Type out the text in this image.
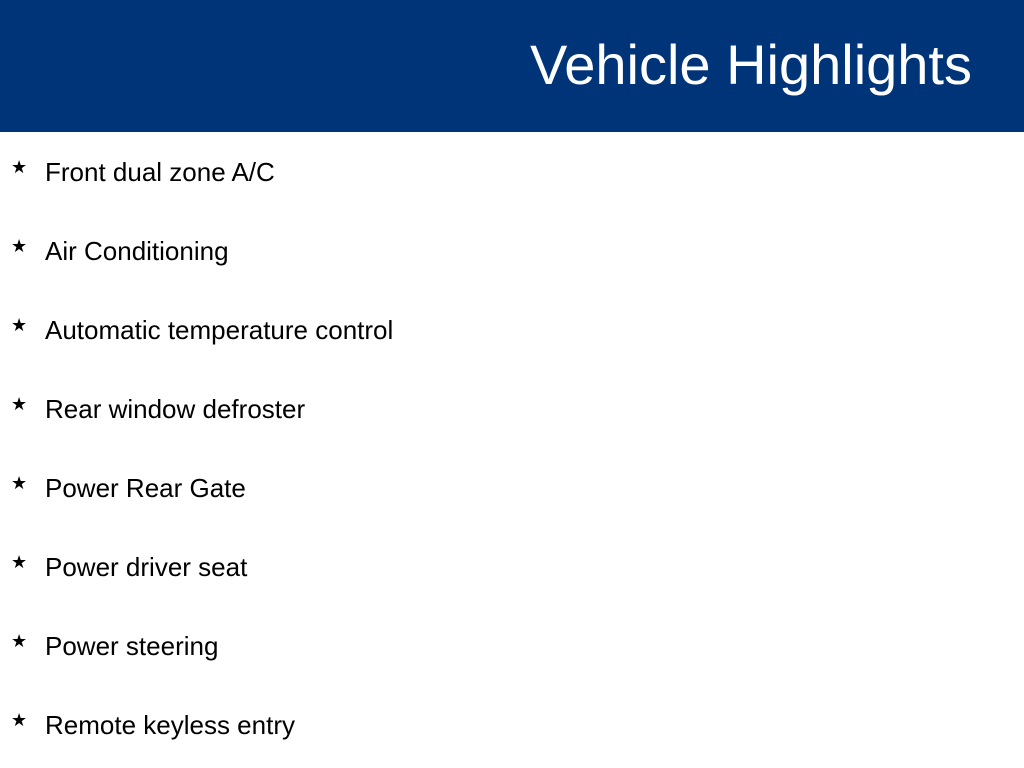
Vehicle Highlights
★ Front dual zone A/C
★ Air Conditioning
★ Automatic temperature control
★ Rear window defroster
★ Power Rear Gate
★ Power driver seat
★ Power steering
★ Remote keyless entry
